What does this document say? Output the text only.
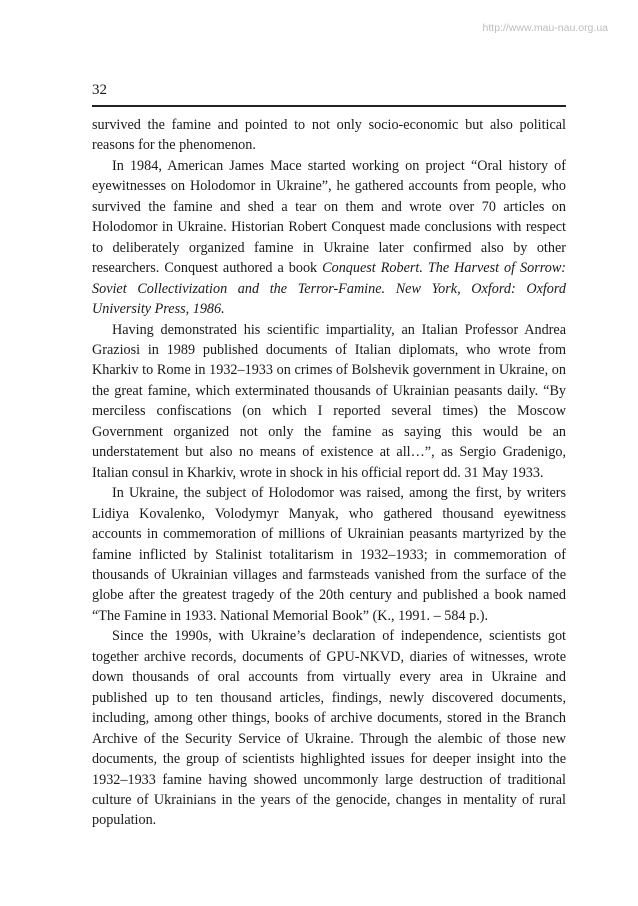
http://www.mau-nau.org.ua
32

survived the famine and pointed to not only socio-economic but also political reasons for the phenomenon.

In 1984, American James Mace started working on project “Oral history of eyewitnesses on Holodomor in Ukraine”, he gathered accounts from people, who survived the famine and shed a tear on them and wrote over 70 articles on Holodomor in Ukraine. Historian Robert Conquest made conclusions with respect to deliberately organized famine in Ukraine later confirmed also by other researchers. Conquest authored a book Conquest Robert. The Harvest of Sorrow: Soviet Collectivization and the Terror-Famine. New York, Oxford: Oxford University Press, 1986.

Having demonstrated his scientific impartiality, an Italian Professor Andrea Graziosi in 1989 published documents of Italian diplomats, who wrote from Kharkiv to Rome in 1932–1933 on crimes of Bolshevik government in Ukraine, on the great famine, which exterminated thousands of Ukrainian peasants daily. “By merciless confiscations (on which I reported several times) the Moscow Government organized not only the famine as saying this would be an understatement but also no means of existence at all…”, as Sergio Gradenigo, Italian consul in Kharkiv, wrote in shock in his official report dd. 31 May 1933.

In Ukraine, the subject of Holodomor was raised, among the first, by writers Lidiya Kovalenko, Volodymyr Manyak, who gathered thousand eyewitness accounts in commemoration of millions of Ukrainian peasants martyrized by the famine inflicted by Stalinist totalitarism in 1932–1933; in commemoration of thousands of Ukrainian villages and farmsteads vanished from the surface of the globe after the greatest tragedy of the 20th century and published a book named “The Famine in 1933. National Memorial Book” (K., 1991. – 584 p.).

Since the 1990s, with Ukraine’s declaration of independence, scientists got together archive records, documents of GPU-NKVD, diaries of witnesses, wrote down thousands of oral accounts from virtually every area in Ukraine and published up to ten thousand articles, findings, newly discovered documents, including, among other things, books of archive documents, stored in the Branch Archive of the Security Service of Ukraine. Through the alembic of those new documents, the group of scientists highlighted issues for deeper insight into the 1932–1933 famine having showed uncommonly large destruction of traditional culture of Ukrainians in the years of the genocide, changes in mentality of rural population.
